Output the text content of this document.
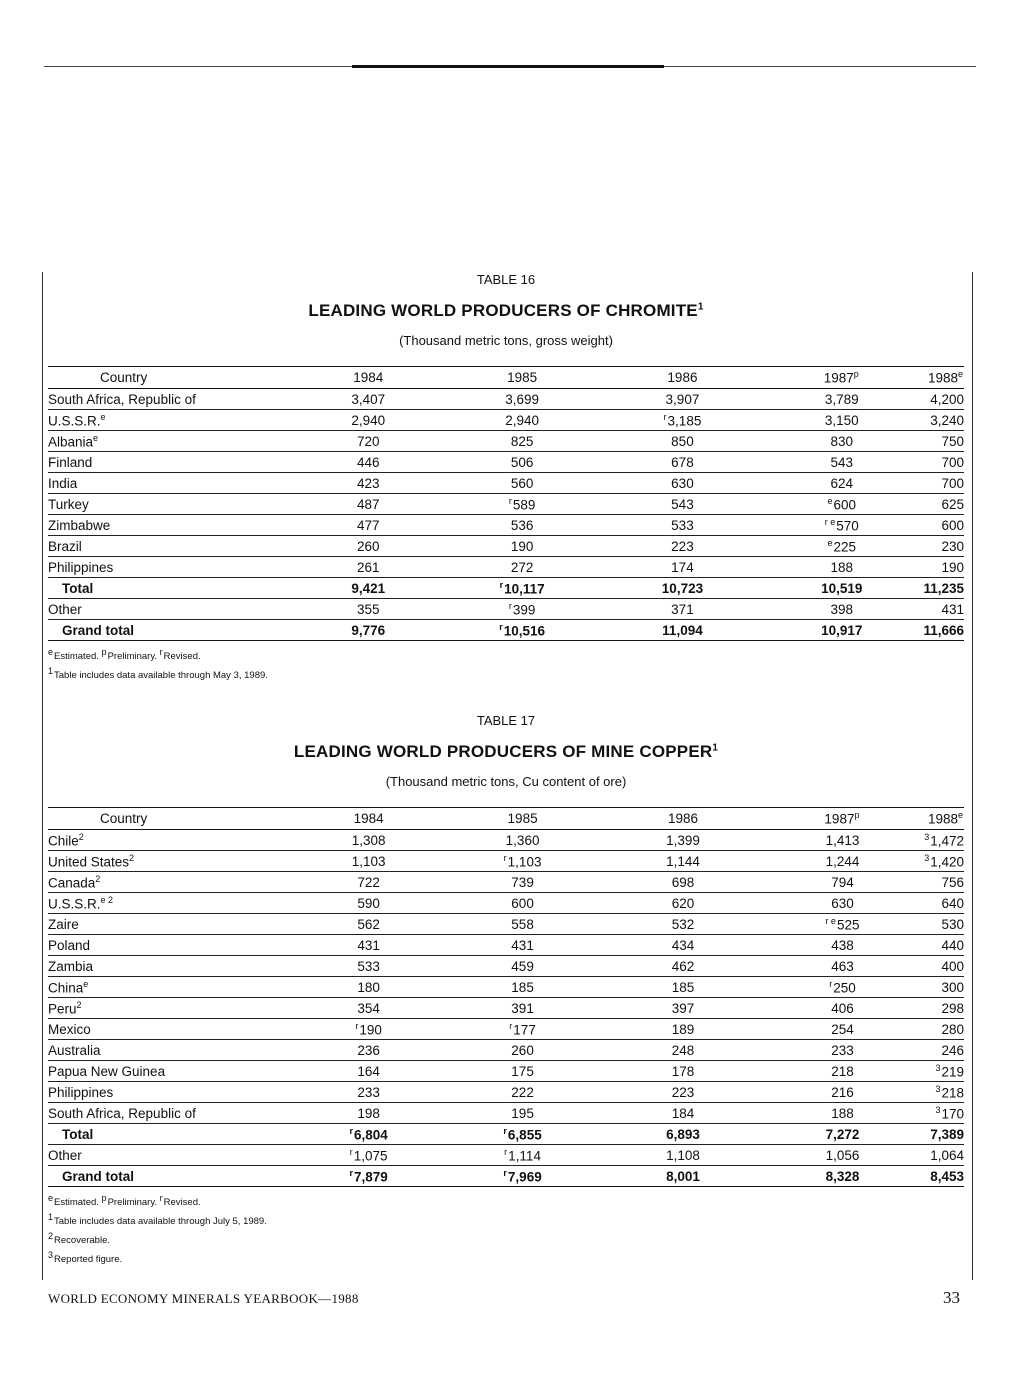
TABLE 16

LEADING WORLD PRODUCERS OF CHROMITE$^1$

(Thousand metric tons, gross weight)

Country	1984	1985	1986	1987$^p$	1988e
South Africa, Republic of	3,407	3,699	3,907	3,789	4,200
U.S.S.R.$^e$	2,940	2,940	$^r$3,185	3,150	3,240
Albania$^e$	720	825	850	830	750
Finland	446	506	678	543	700
India	423	560	630	624	700
Turkey	487	$^r$589	543	$^e$600	625
Zimbabwe	477	536	533	$^{r e}$570	600
Brazil	260	190	223	$^e$225	230
Philippines	261	272	174	188	190
Total	9,421	$^r$10,117	10,723	10,519	11,235
Other	355	$^r$399	371	398	431
Grand total	9,776	$^r$10,516	11,094	10,917	11,666
eEstimated. pPreliminary. rRevised.
1Table includes data available through May 3, 1989.

TABLE 17

LEADING WORLD PRODUCERS OF MINE COPPER$^1$

(Thousand metric tons, Cu content of ore)

Country	1984	1985	1986	1987$^p$	1988e
Chile$^2$	1,308	1,360	1,399	1,413	$^3$1,472
United States$^2$	1,103	$^r$1,103	1,144	1,244	$^3$1,420
Canada$^2$	722	739	698	794	756
U.S.S.R.$^{e 2}$	590	600	620	630	640
Zaire	562	558	532	$^{r e}$525	530
Poland	431	431	434	438	440
Zambia	533	459	462	463	400
China$^e$	180	185	185	$^r$250	300
Peru$^2$	354	391	397	406	298
Mexico	$^r$190	$^r$177	189	254	280
Australia	236	260	248	233	246
Papua New Guinea	164	175	178	218	$^3$219
Philippines	233	222	223	216	$^3$218
South Africa, Republic of	198	195	184	188	$^3$170
Total	$^r$6,804	$^r$6,855	6,893	7,272	7,389
Other	$^r$1,075	$^r$1,114	1,108	1,056	1,064
Grand total	$^r$7,879	$^r$7,969	8,001	8,328	8,453
eEstimated. pPreliminary. rRevised.
1Table includes data available through July 5, 1989.
2Recoverable.
3Reported figure.
WORLD ECONOMY MINERALS YEARBOOK—1988	33
